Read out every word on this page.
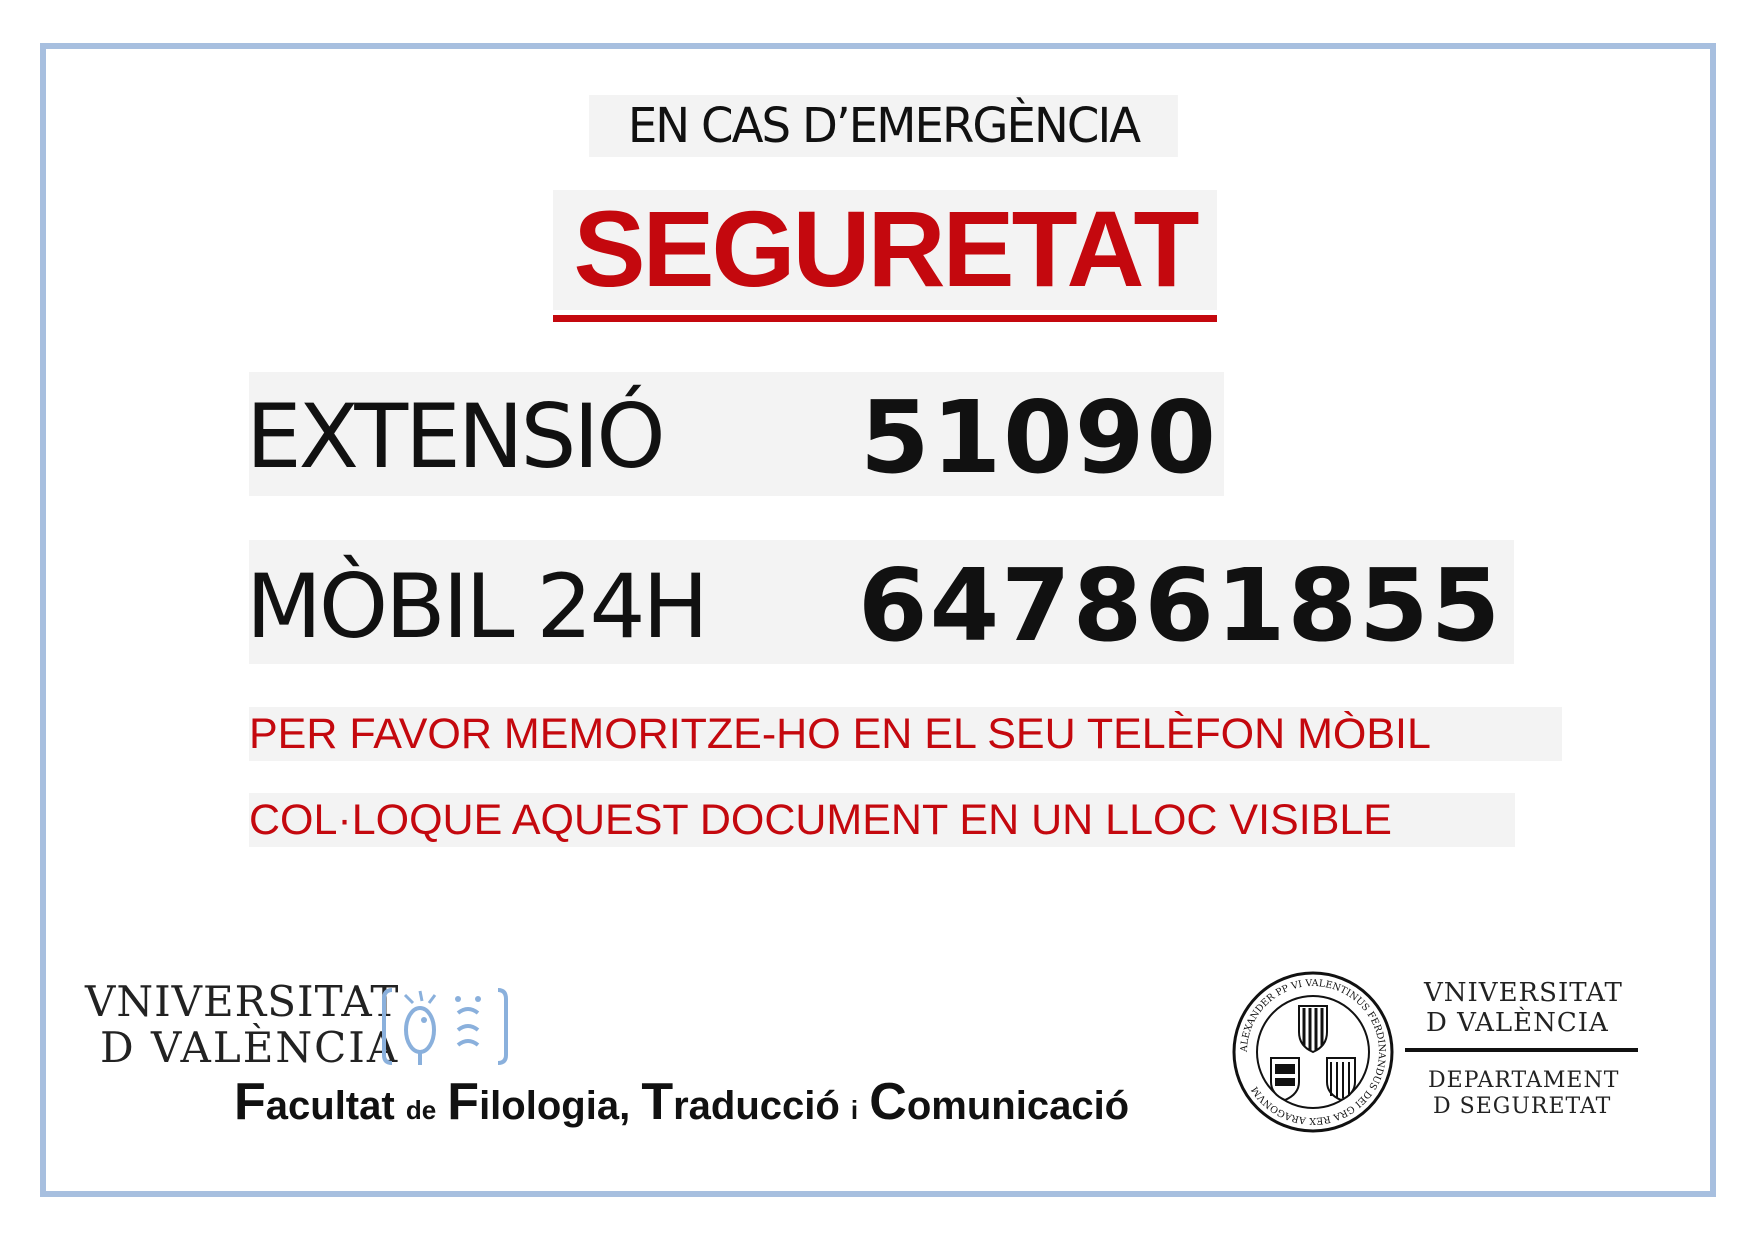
EN CAS D’EMERGÈNCIA
SEGURETAT
EXTENSIÓ 51090
MÒBIL 24H 647861855
PER FAVOR MEMORITZE-HO EN EL SEU TELÈFON MÒBIL
COL·LOQUE AQUEST DOCUMENT EN UN LLOC VISIBLE
VNIVERSITAT
D VALÈNCIA
Facultat de Filologia, Traducció i Comunicació
ALEXANDER PP VI VALENTINUS FERDINANDUS DEI GRA REX ARAGONVM
VNIVERSITAT
D VALÈNCIA
DEPARTAMENT
D SEGURETAT
